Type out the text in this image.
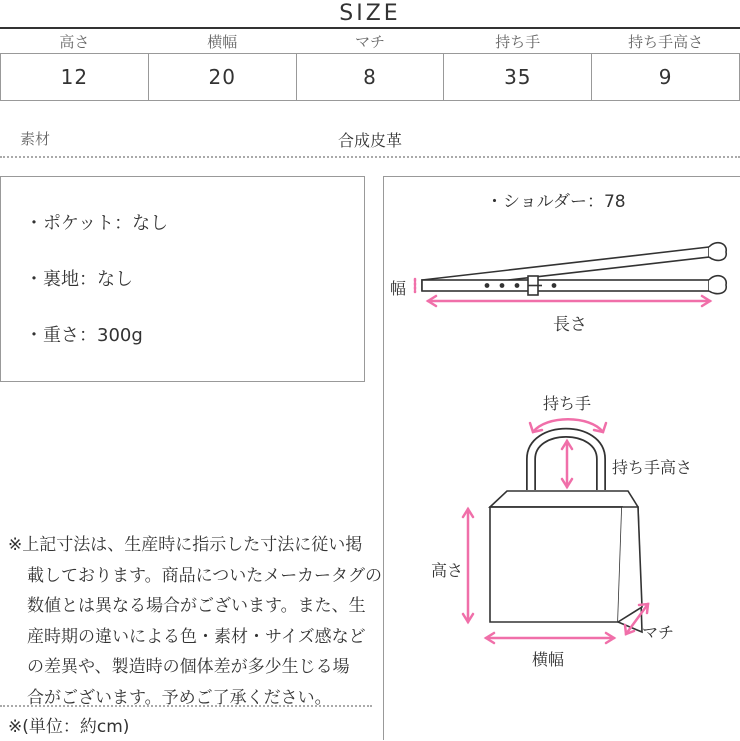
SIZE
高さ	横幅	マチ	持ち手	持ち手高さ
12	20	8	35	9
素材	合成皮革
・ポケット：なし
・裏地：なし
・重さ：300g
※上記寸法は、生産時に指示した寸法に従い掲
載しております。商品についたメーカータグの
数値とは異なる場合がございます。また、生
産時期の違いによる色・素材・サイズ感など
の差異や、製造時の個体差が多少生じる場
合がございます。予めご了承ください。
※(単位：約cm)
・ショルダー：78
幅
長さ
持ち手
持ち手高さ
高さ
マチ
横幅
